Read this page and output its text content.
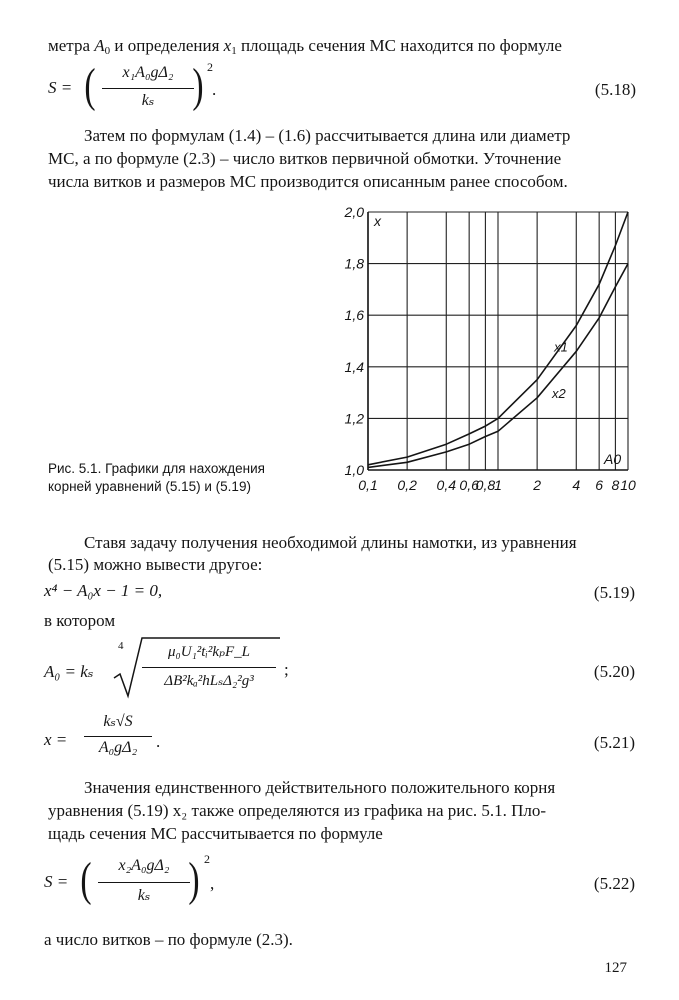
метра $A_0$ и определения $x_1$ площадь сечения МС находится по формуле
S = (	x₁A₀gΔ₂
kₛ ) 2
.	(5.18)
Затем по формулам (1.4) – (1.6) рассчитывается длина или диаметр
МС, а по формуле (2.3) – число витков первичной обмотки. Уточнение
числа витков и размеров МС производится описанным ранее способом.
0,1 0,2 0,4 0,6
0,8
1 2 4 6 8 10
1,0
1,2
1,4
1,6
1,8
2,0
x
A0
x1
x2
Рис. 5.1. Графики для нахождения
корней уравнений (5.15) и (5.19)
Ставя задачу получения необходимой длины намотки, из уравнения
(5.15) можно вывести другое:
x⁴ − A₀x − 1 = 0,	(5.19)
в котором
A₀ = kₛ
4	μ₀U₁²tᵢ²kₚF_L
ΔB²kₐ²hLₛΔ₂²g³
;	(5.20)
x =
kₛ√S
A₀gΔ₂	.	(5.21)
Значения единственного действительного положительного корня
уравнения (5.19) x₂ также определяются из графика на рис. 5.1. Пло-
щадь сечения МС рассчитывается по формуле
S = (	x₂A₀gΔ₂
kₛ ) 2
,	(5.22)
а число витков – по формуле (2.3).
127
